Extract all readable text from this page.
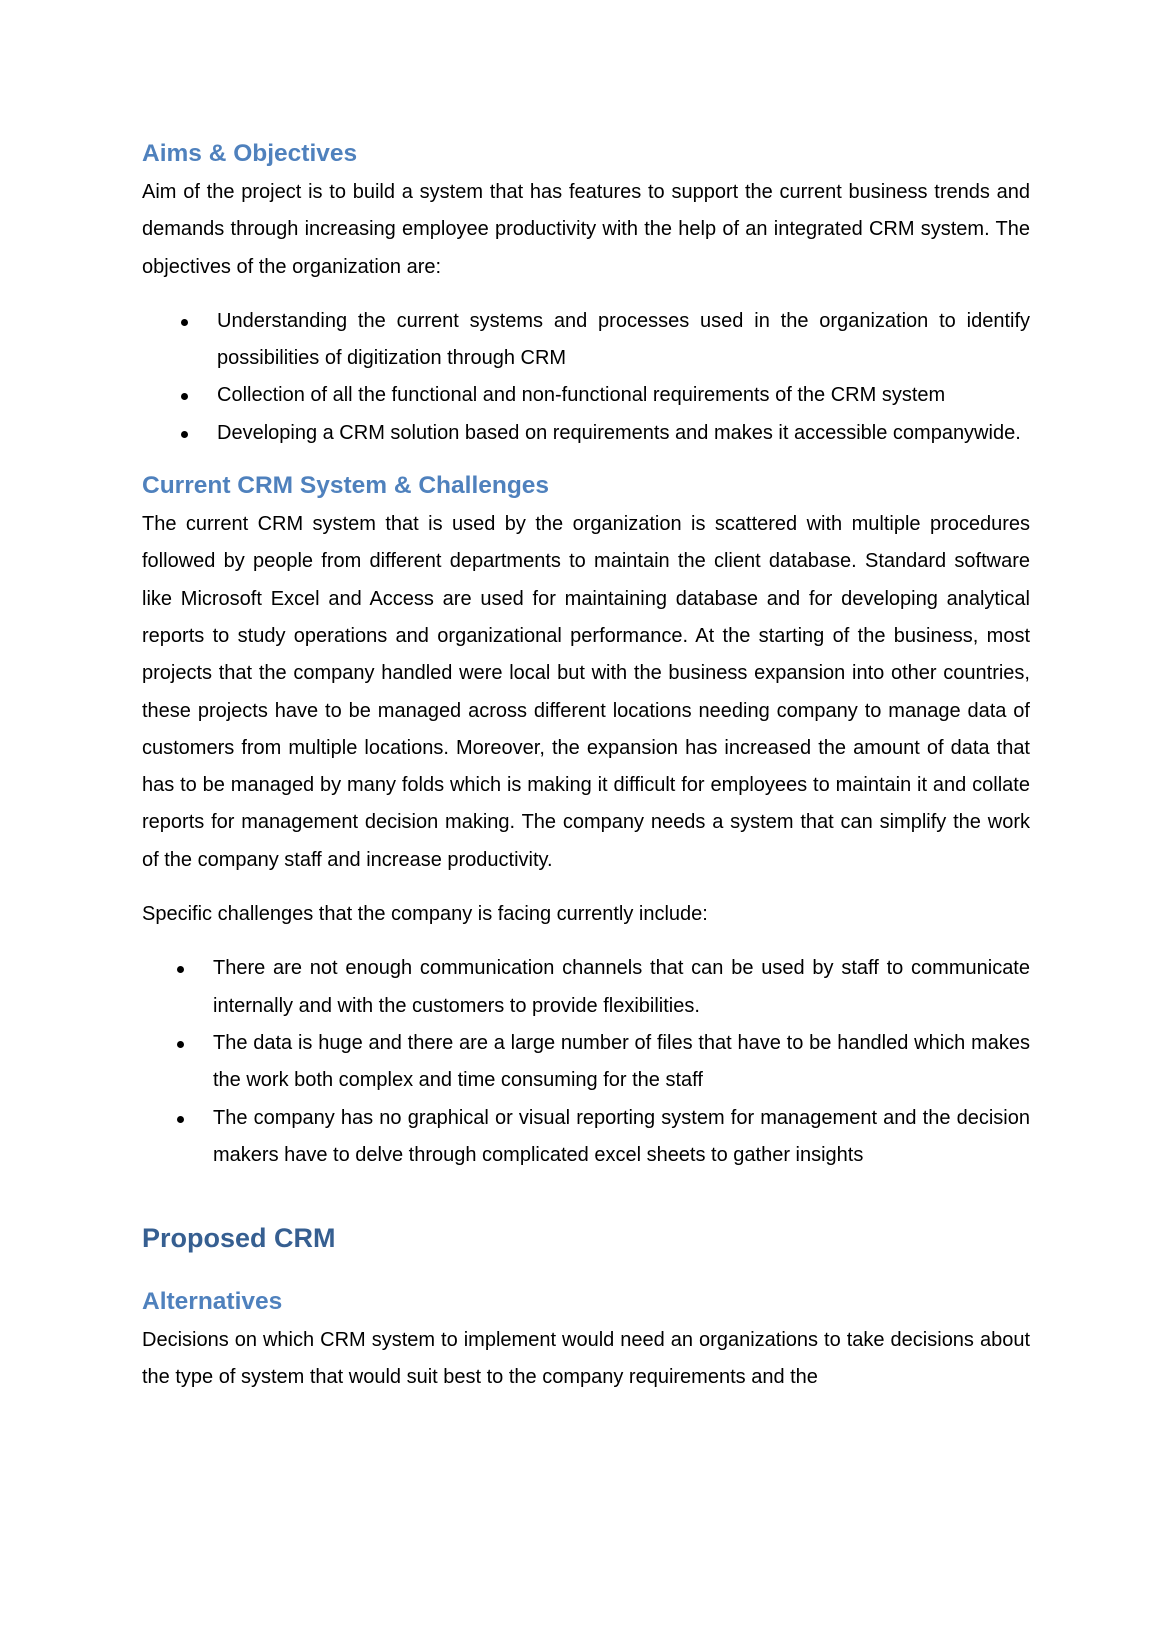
Aims & Objectives

Aim of the project is to build a system that has features to support the current business trends and demands through increasing employee productivity with the help of an integrated CRM system. The objectives of the organization are:

Understanding the current systems and processes used in the organization to identify possibilities of digitization through CRM
Collection of all the functional and non-functional requirements of the CRM system
Developing a CRM solution based on requirements and makes it accessible companywide.
Current CRM System & Challenges

The current CRM system that is used by the organization is scattered with multiple procedures followed by people from different departments to maintain the client database. Standard software like Microsoft Excel and Access are used for maintaining database and for developing analytical reports to study operations and organizational performance. At the starting of the business, most projects that the company handled were local but with the business expansion into other countries, these projects have to be managed across different locations needing company to manage data of customers from multiple locations. Moreover, the expansion has increased the amount of data that has to be managed by many folds which is making it difficult for employees to maintain it and collate reports for management decision making. The company needs a system that can simplify the work of the company staff and increase productivity.

Specific challenges that the company is facing currently include:

There are not enough communication channels that can be used by staff to communicate internally and with the customers to provide flexibilities.
The data is huge and there are a large number of files that have to be handled which makes the work both complex and time consuming for the staff
The company has no graphical or visual reporting system for management and the decision makers have to delve through complicated excel sheets to gather insights
Proposed CRM
Alternatives

Decisions on which CRM system to implement would need an organizations to take decisions about the type of system that would suit best to the company requirements and the
